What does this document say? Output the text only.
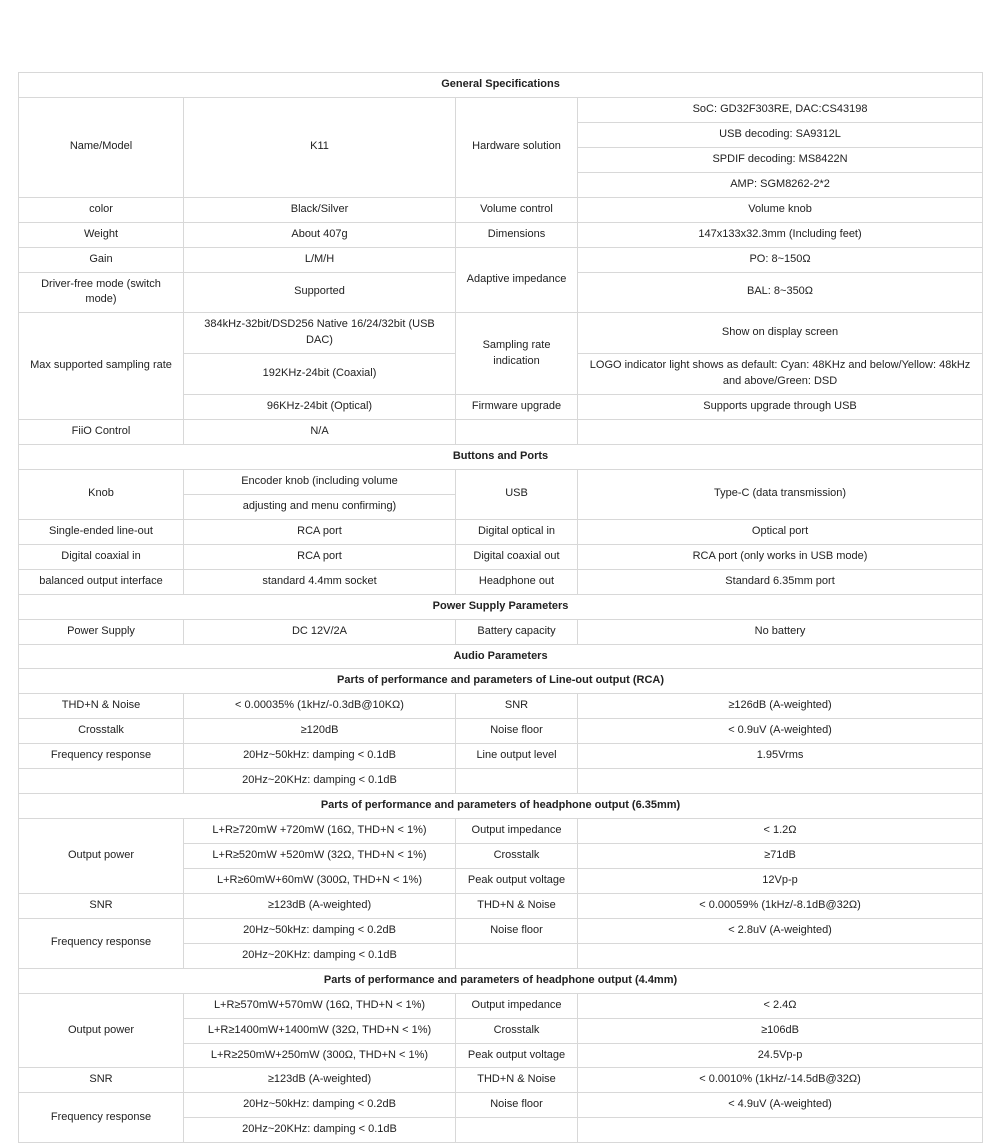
General Specifications			
Name/Model	K11	Hardware solution	SoC: GD32F303RE, DAC:CS43198
			USB decoding: SA9312L
			SPDIF decoding: MS8422N
			AMP: SGM8262-2*2
color	Black/Silver	Volume control	Volume knob
Weight	About 407g	Dimensions	147x133x32.3mm (Including feet)
Gain	L/M/H	Adaptive impedance	PO: 8~150Ω
Driver-free mode (switch mode)	Supported		BAL: 8~350Ω
Max supported sampling rate	384kHz-32bit/DSD256 Native 16/24/32bit (USB DAC)	Sampling rate indication	Show on display screen
	192KHz-24bit (Coaxial)		LOGO indicator light shows as default: Cyan: 48KHz and below/Yellow: 48kHz and above/Green: DSD
	96KHz-24bit (Optical)	Firmware upgrade	Supports upgrade through USB
FiiO Control	N/A		
Buttons and Ports			
Knob	Encoder knob (including volume	USB	Type-C (data transmission)
	adjusting and menu confirming)		
Single-ended line-out	RCA port	Digital optical in	Optical port
Digital coaxial in	RCA port	Digital coaxial out	RCA port (only works in USB mode)
balanced output interface	standard 4.4mm socket	Headphone out	Standard 6.35mm port
Power Supply Parameters			
Power Supply	DC 12V/2A	Battery capacity	No battery
Audio Parameters			
Parts of performance and parameters of Line-out output (RCA)			
THD+N & Noise	< 0.00035% (1kHz/-0.3dB@10KΩ)	SNR	≥126dB (A-weighted)
Crosstalk	≥120dB	Noise floor	< 0.9uV (A-weighted)
Frequency response	20Hz~50kHz: damping < 0.1dB	Line output level	1.95Vrms
	20Hz~20KHz: damping < 0.1dB		
Parts of performance and parameters of headphone output (6.35mm)			
Output power	L+R≥720mW +720mW (16Ω, THD+N < 1%)	Output impedance	< 1.2Ω
	L+R≥520mW +520mW (32Ω, THD+N < 1%)	Crosstalk	≥71dB
	L+R≥60mW+60mW (300Ω, THD+N < 1%)	Peak output voltage	12Vp-p
SNR	≥123dB (A-weighted)	THD+N & Noise	< 0.00059% (1kHz/-8.1dB@32Ω)
Frequency response	20Hz~50kHz: damping < 0.2dB	Noise floor	< 2.8uV (A-weighted)
	20Hz~20KHz: damping < 0.1dB		
Parts of performance and parameters of headphone output (4.4mm)			
Output power	L+R≥570mW+570mW (16Ω, THD+N < 1%)	Output impedance	< 2.4Ω
	L+R≥1400mW+1400mW (32Ω, THD+N < 1%)	Crosstalk	≥106dB
	L+R≥250mW+250mW (300Ω, THD+N < 1%)	Peak output voltage	24.5Vp-p
SNR	≥123dB (A-weighted)	THD+N & Noise	< 0.0010% (1kHz/-14.5dB@32Ω)
Frequency response	20Hz~50kHz: damping < 0.2dB	Noise floor	< 4.9uV (A-weighted)
	20Hz~20KHz: damping < 0.1dB		
